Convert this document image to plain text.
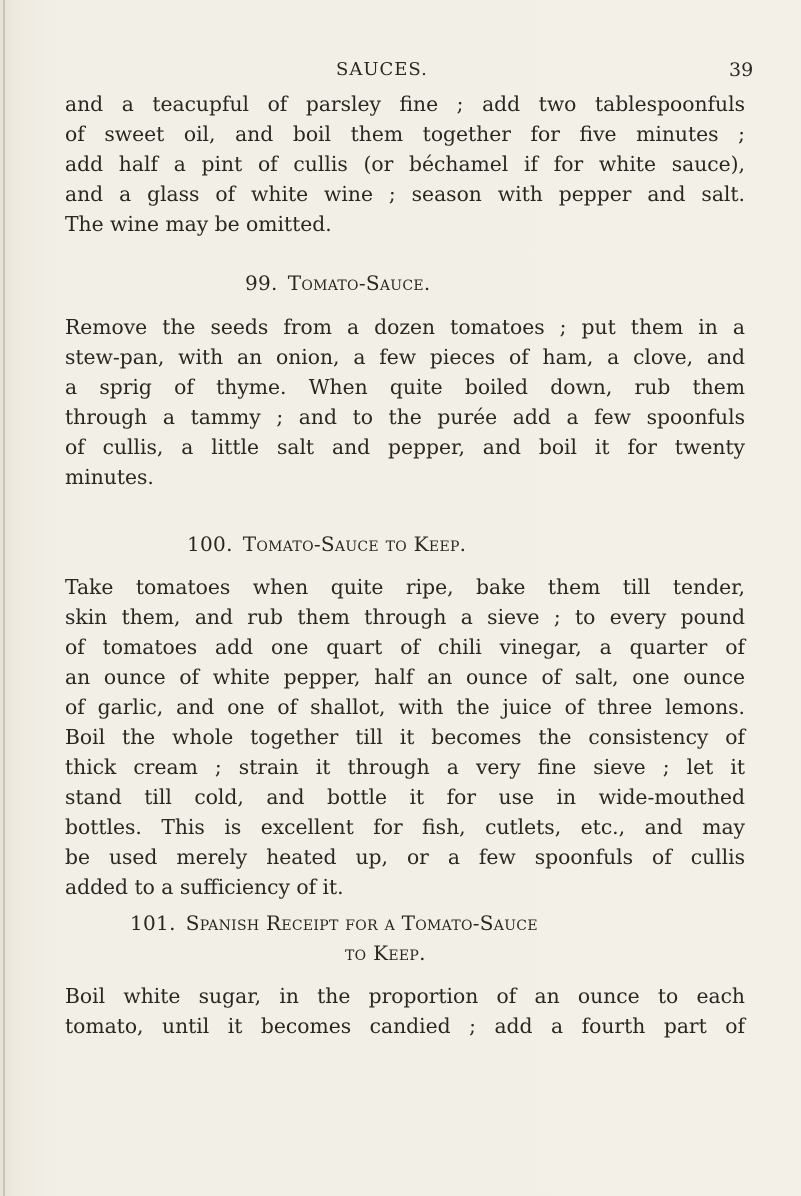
SAUCES.	39
and a teacupful of parsley fine ; add two tablespoonfuls
of sweet oil, and boil them together for five minutes ;
add half a pint of cullis (or béchamel if for white sauce),
and a glass of white wine ; season with pepper and salt.
The wine may be omitted.
99. Tomato-Sauce.
Remove the seeds from a dozen tomatoes ; put them in a
stew-pan, with an onion, a few pieces of ham, a clove, and
a sprig of thyme. When quite boiled down, rub them
through a tammy ; and to the purée add a few spoonfuls
of cullis, a little salt and pepper, and boil it for twenty
minutes.
100. Tomato-Sauce to Keep.
Take tomatoes when quite ripe, bake them till tender,
skin them, and rub them through a sieve ; to every pound
of tomatoes add one quart of chili vinegar, a quarter of
an ounce of white pepper, half an ounce of salt, one ounce
of garlic, and one of shallot, with the juice of three lemons.
Boil the whole together till it becomes the consistency of
thick cream ; strain it through a very fine sieve ; let it
stand till cold, and bottle it for use in wide-mouthed
bottles. This is excellent for fish, cutlets, etc., and may
be used merely heated up, or a few spoonfuls of cullis
added to a sufficiency of it.
101. Spanish Receipt for a Tomato-Sauce
to Keep.
Boil white sugar, in the proportion of an ounce to each
tomato, until it becomes candied ; add a fourth part of
